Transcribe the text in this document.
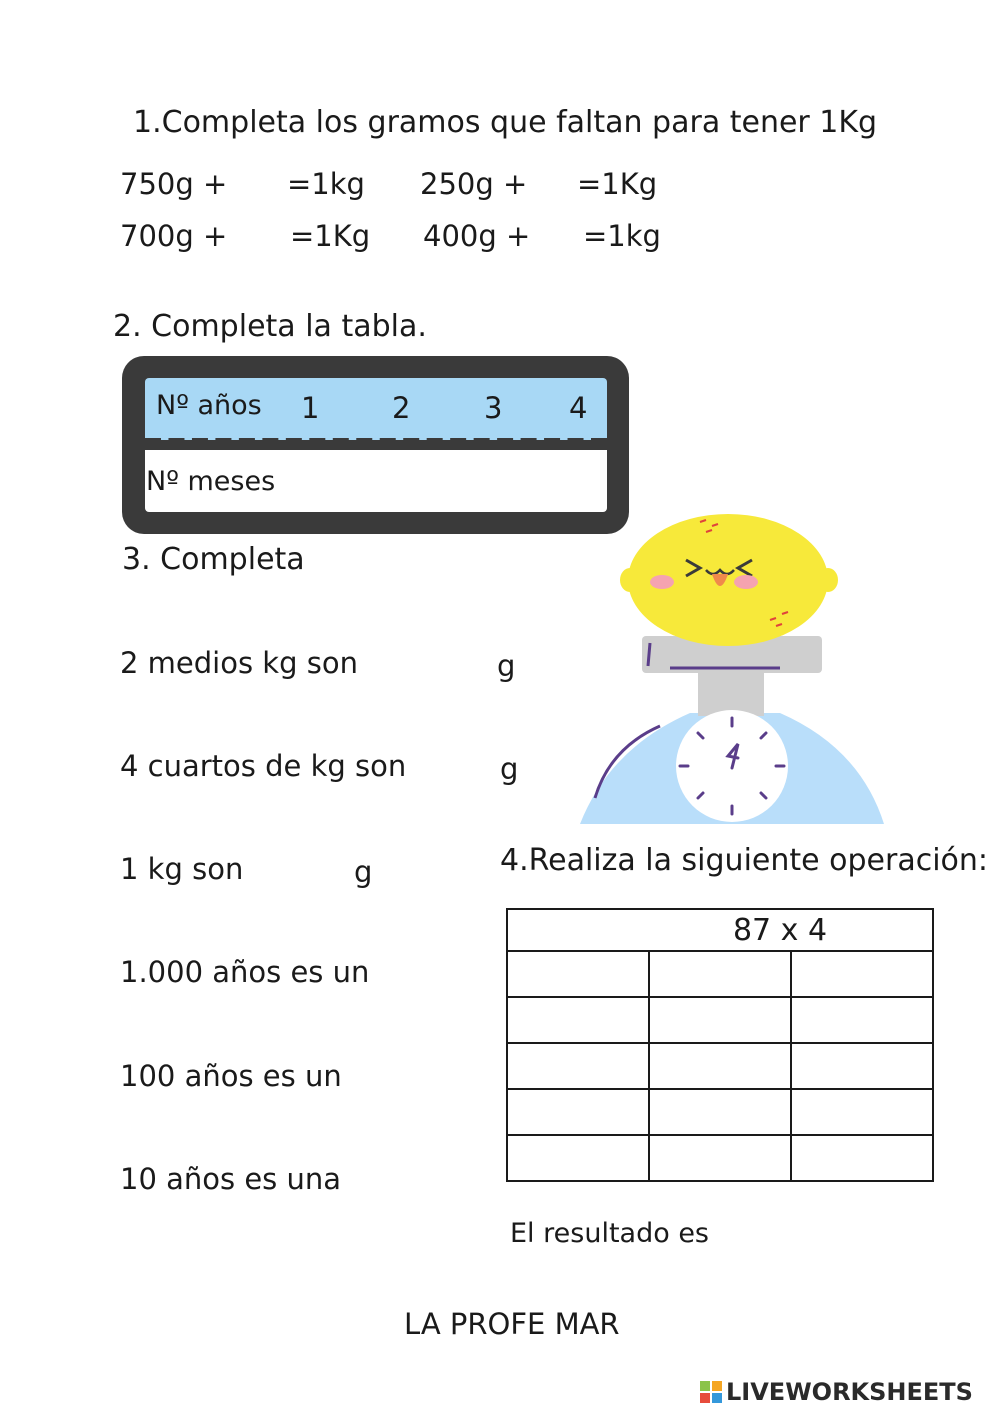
1.Completa los gramos que faltan para tener 1Kg
750g + =1kg 250g + =1Kg
700g + =1Kg 400g + =1kg
2. Completa la tabla.
Nº años 1	2	3 4
Nº meses
3. Completa
2 medios kg son	g
4 cuartos de kg son	g
1 kg son	g
1.000 años es un
100 años es un
10 años es una
4.Realiza la siguiente operación:
87 x 4		

El resultado es
LA PROFE MAR
LIVEWORKSHEETS
